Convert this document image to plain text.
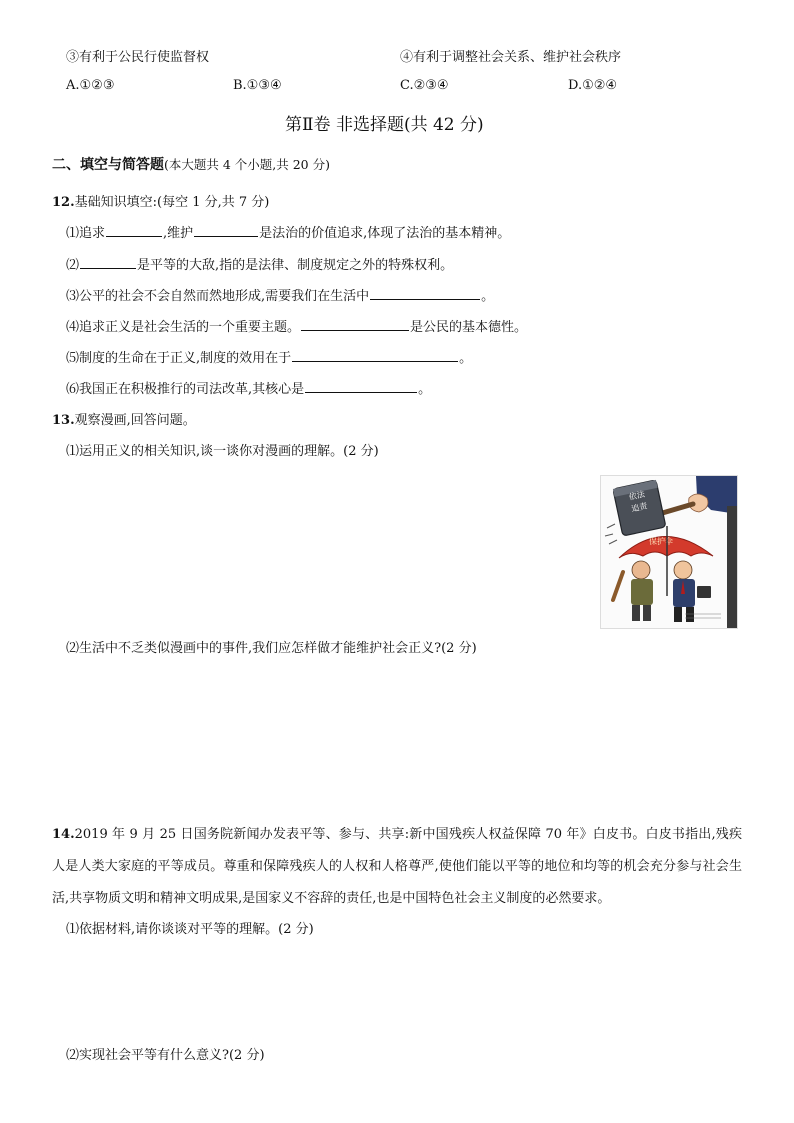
③有利于公民行使监督权	④有利于调整社会关系、维护社会秩序
A.①②③	B.①③④	C.②③④	D.①②④
第Ⅱ卷 非选择题(共 42 分)
二、填空与简答题(本大题共 4 个小题,共 20 分)
12.基础知识填空:(每空 1 分,共 7 分)
⑴追求	,维护	是法治的价值追求,体现了法治的基本精神。
⑵	是平等的大敌,指的是法律、制度规定之外的特殊权利。
⑶公平的社会不会自然而然地形成,需要我们在生活中	。
⑷追求正义是社会生活的一个重要主题。	是公民的基本德性。
⑸制度的生命在于正义,制度的效用在于	。
⑹我国正在积极推行的司法改革,其核心是	。
13.观察漫画,回答问题。
⑴运用正义的相关知识,谈一谈你对漫画的理解。(2 分)
依法
追责
保护伞
⑵生活中不乏类似漫画中的事件,我们应怎样做才能维护社会正义?(2 分)
14.2019 年 9 月 25 日国务院新闻办发表平等、参与、共享:新中国残疾人权益保障 70 年》白皮书。白皮书指出,残疾人是人类大家庭的平等成员。尊重和保障残疾人的人权和人格尊严,使他们能以平等的地位和均等的机会充分参与社会生活,共享物质文明和精神文明成果,是国家义不容辞的责任,也是中国特色社会主义制度的必然要求。
⑴依据材料,请你谈谈对平等的理解。(2 分)
⑵实现社会平等有什么意义?(2 分)
